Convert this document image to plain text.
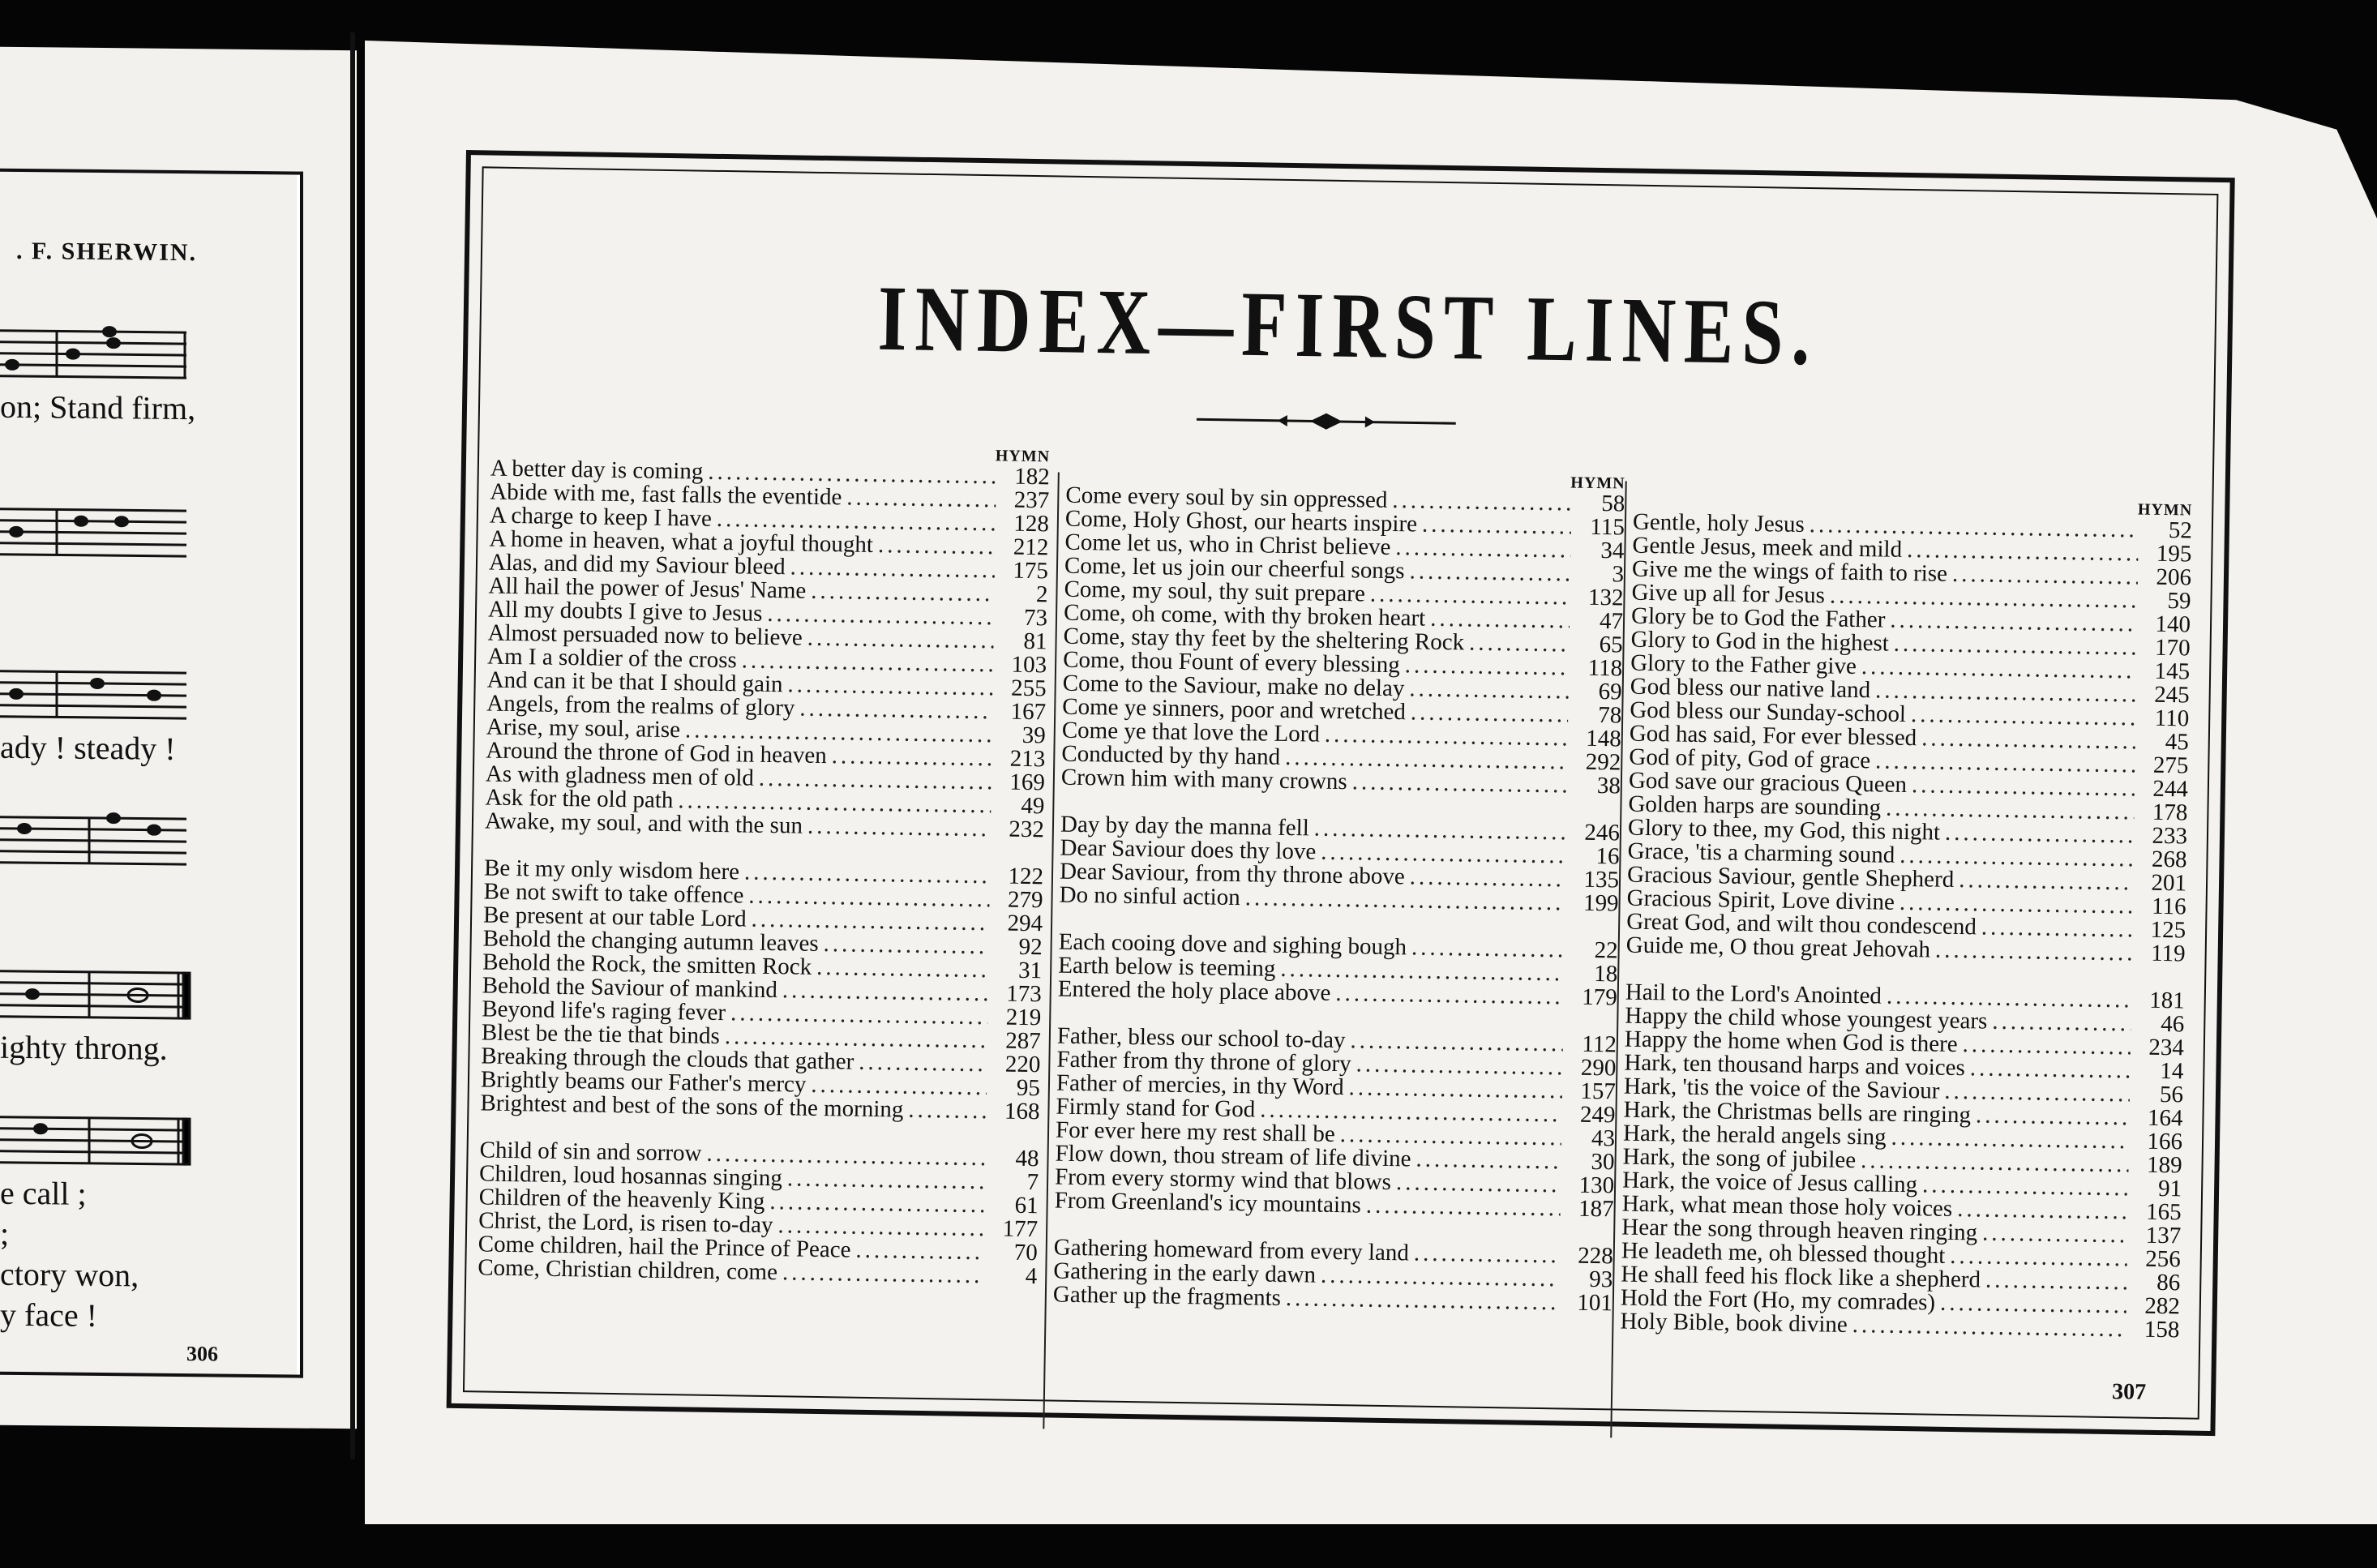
. F. SHERWIN.
on; Stand firm,
ady ! steady !
ighty throng.
e call ;
;
ctory won,
y face !
306
INDEX—FIRST LINES.
HYMN
A better day is coming .....	182
Abide with me, fast falls the eventide .....	237
A charge to keep I have .....	128
A home in heaven, what a joyful thought .....	212
Alas, and did my Saviour bleed .....	175
All hail the power of Jesus' Name .....	2
All my doubts I give to Jesus .....	73
Almost persuaded now to believe .....	81
Am I a soldier of the cross .....	103
And can it be that I should gain .....	255
Angels, from the realms of glory .....	167
Arise, my soul, arise .....	39
Around the throne of God in heaven .....	213
As with gladness men of old .....	169
Ask for the old path .....	49
Awake, my soul, and with the sun .....	232
Be it my only wisdom here .....	122
Be not swift to take offence .....	279
Be present at our table Lord .....	294
Behold the changing autumn leaves .....	92
Behold the Rock, the smitten Rock .....	31
Behold the Saviour of mankind .....	173
Beyond life's raging fever .....	219
Blest be the tie that binds .....	287
Breaking through the clouds that gather .....	220
Brightly beams our Father's mercy .....	95
Brightest and best of the sons of the morning .....	168
Child of sin and sorrow .....	48
Children, loud hosannas singing .....	7
Children of the heavenly King .....	61
Christ, the Lord, is risen to-day .....	177
Come children, hail the Prince of Peace .....	70
Come, Christian children, come .....	4
HYMN
Come every soul by sin oppressed .....	58
Come, Holy Ghost, our hearts inspire .....	115
Come let us, who in Christ believe .....	34
Come, let us join our cheerful songs .....	3
Come, my soul, thy suit prepare .....	132
Come, oh come, with thy broken heart .....	47
Come, stay thy feet by the sheltering Rock .....	65
Come, thou Fount of every blessing .....	118
Come to the Saviour, make no delay .....	69
Come ye sinners, poor and wretched .....	78
Come ye that love the Lord .....	148
Conducted by thy hand .....	292
Crown him with many crowns .....	38
Day by day the manna fell .....	246
Dear Saviour does thy love .....	16
Dear Saviour, from thy throne above .....	135
Do no sinful action .....	199
Each cooing dove and sighing bough .....	22
Earth below is teeming .....	18
Entered the holy place above .....	179
Father, bless our school to-day .....	112
Father from thy throne of glory .....	290
Father of mercies, in thy Word .....	157
Firmly stand for God .....	249
For ever here my rest shall be .....	43
Flow down, thou stream of life divine .....	30
From every stormy wind that blows .....	130
From Greenland's icy mountains .....	187
Gathering homeward from every land .....	228
Gathering in the early dawn .....	93
Gather up the fragments .....	101
HYMN
Gentle, holy Jesus .....	52
Gentle Jesus, meek and mild .....	195
Give me the wings of faith to rise .....	206
Give up all for Jesus .....	59
Glory be to God the Father .....	140
Glory to God in the highest .....	170
Glory to the Father give .....	145
God bless our native land .....	245
God bless our Sunday-school .....	110
God has said, For ever blessed .....	45
God of pity, God of grace .....	275
God save our gracious Queen .....	244
Golden harps are sounding .....	178
Glory to thee, my God, this night .....	233
Grace, 'tis a charming sound .....	268
Gracious Saviour, gentle Shepherd .....	201
Gracious Spirit, Love divine .....	116
Great God, and wilt thou condescend .....	125
Guide me, O thou great Jehovah .....	119
Hail to the Lord's Anointed .....	181
Happy the child whose youngest years .....	46
Happy the home when God is there .....	234
Hark, ten thousand harps and voices .....	14
Hark, 'tis the voice of the Saviour .....	56
Hark, the Christmas bells are ringing .....	164
Hark, the herald angels sing .....	166
Hark, the song of jubilee .....	189
Hark, the voice of Jesus calling .....	91
Hark, what mean those holy voices .....	165
Hear the song through heaven ringing .....	137
He leadeth me, oh blessed thought .....	256
He shall feed his flock like a shepherd .....	86
Hold the Fort (Ho, my comrades) .....	282
Holy Bible, book divine .....	158
307
